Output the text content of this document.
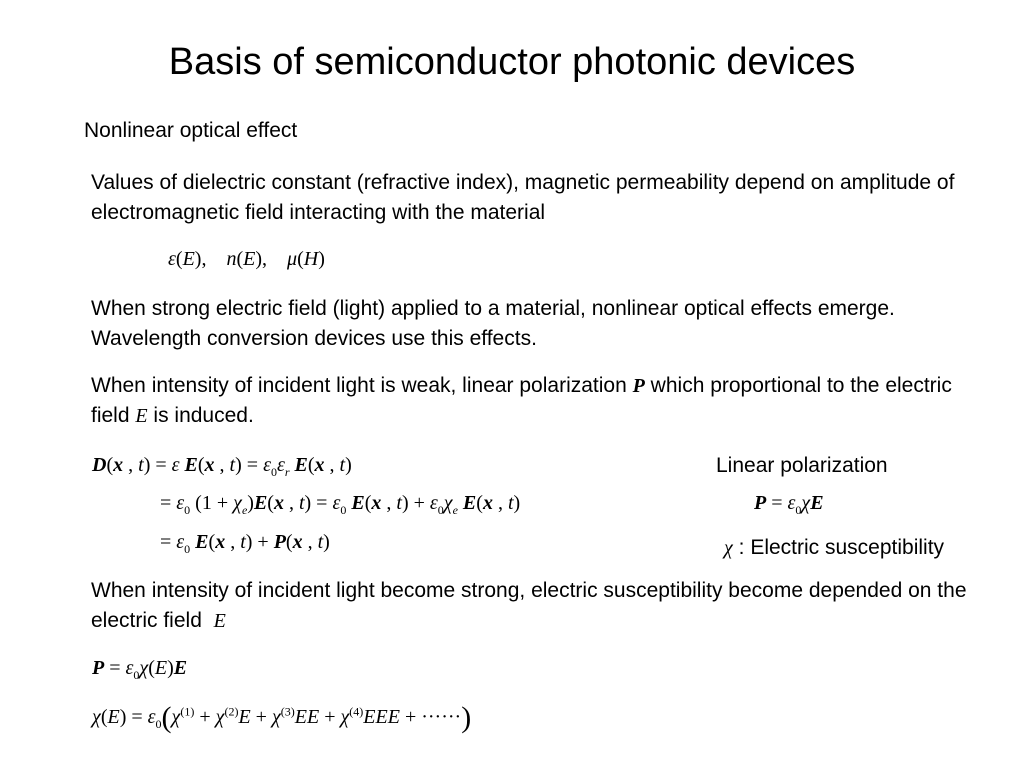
Basis of semiconductor photonic devices
Nonlinear optical effect
Values of dielectric constant (refractive index), magnetic permeability depend on amplitude of electromagnetic field interacting with the material
ε(E),    n(E),    μ(H)
When strong electric field (light) applied to a material, nonlinear optical effects emerge. Wavelength conversion devices use this effects.
When intensity of incident light is weak, linear polarization P which proportional to the electric field E is induced.
D(x , t) = ε E(x , $t) = \varepsilon_0\varepsilon_r$ E(x , t)
= $\varepsilon_0$ $(1 + \chi_e)E(x$ , $t) = \varepsilon_0$ E(x , $t) + \varepsilon_0\chi_e$ E(x , t)
= $\varepsilon_0$ E(x , t) + P(x , t)
Linear polarization
$P = \varepsilon_0\chi E$
χ : Electric susceptibility
When intensity of incident light become strong, electric susceptibility become depended on the electric field  E
$P = \varepsilon_0\chi(E)E$
$\chi(E) = \varepsilon_0(\chi^{(1)} + \chi^{(2)}E + \chi^{(3)}EE + \chi^{(4)}EEE$ + ······)
